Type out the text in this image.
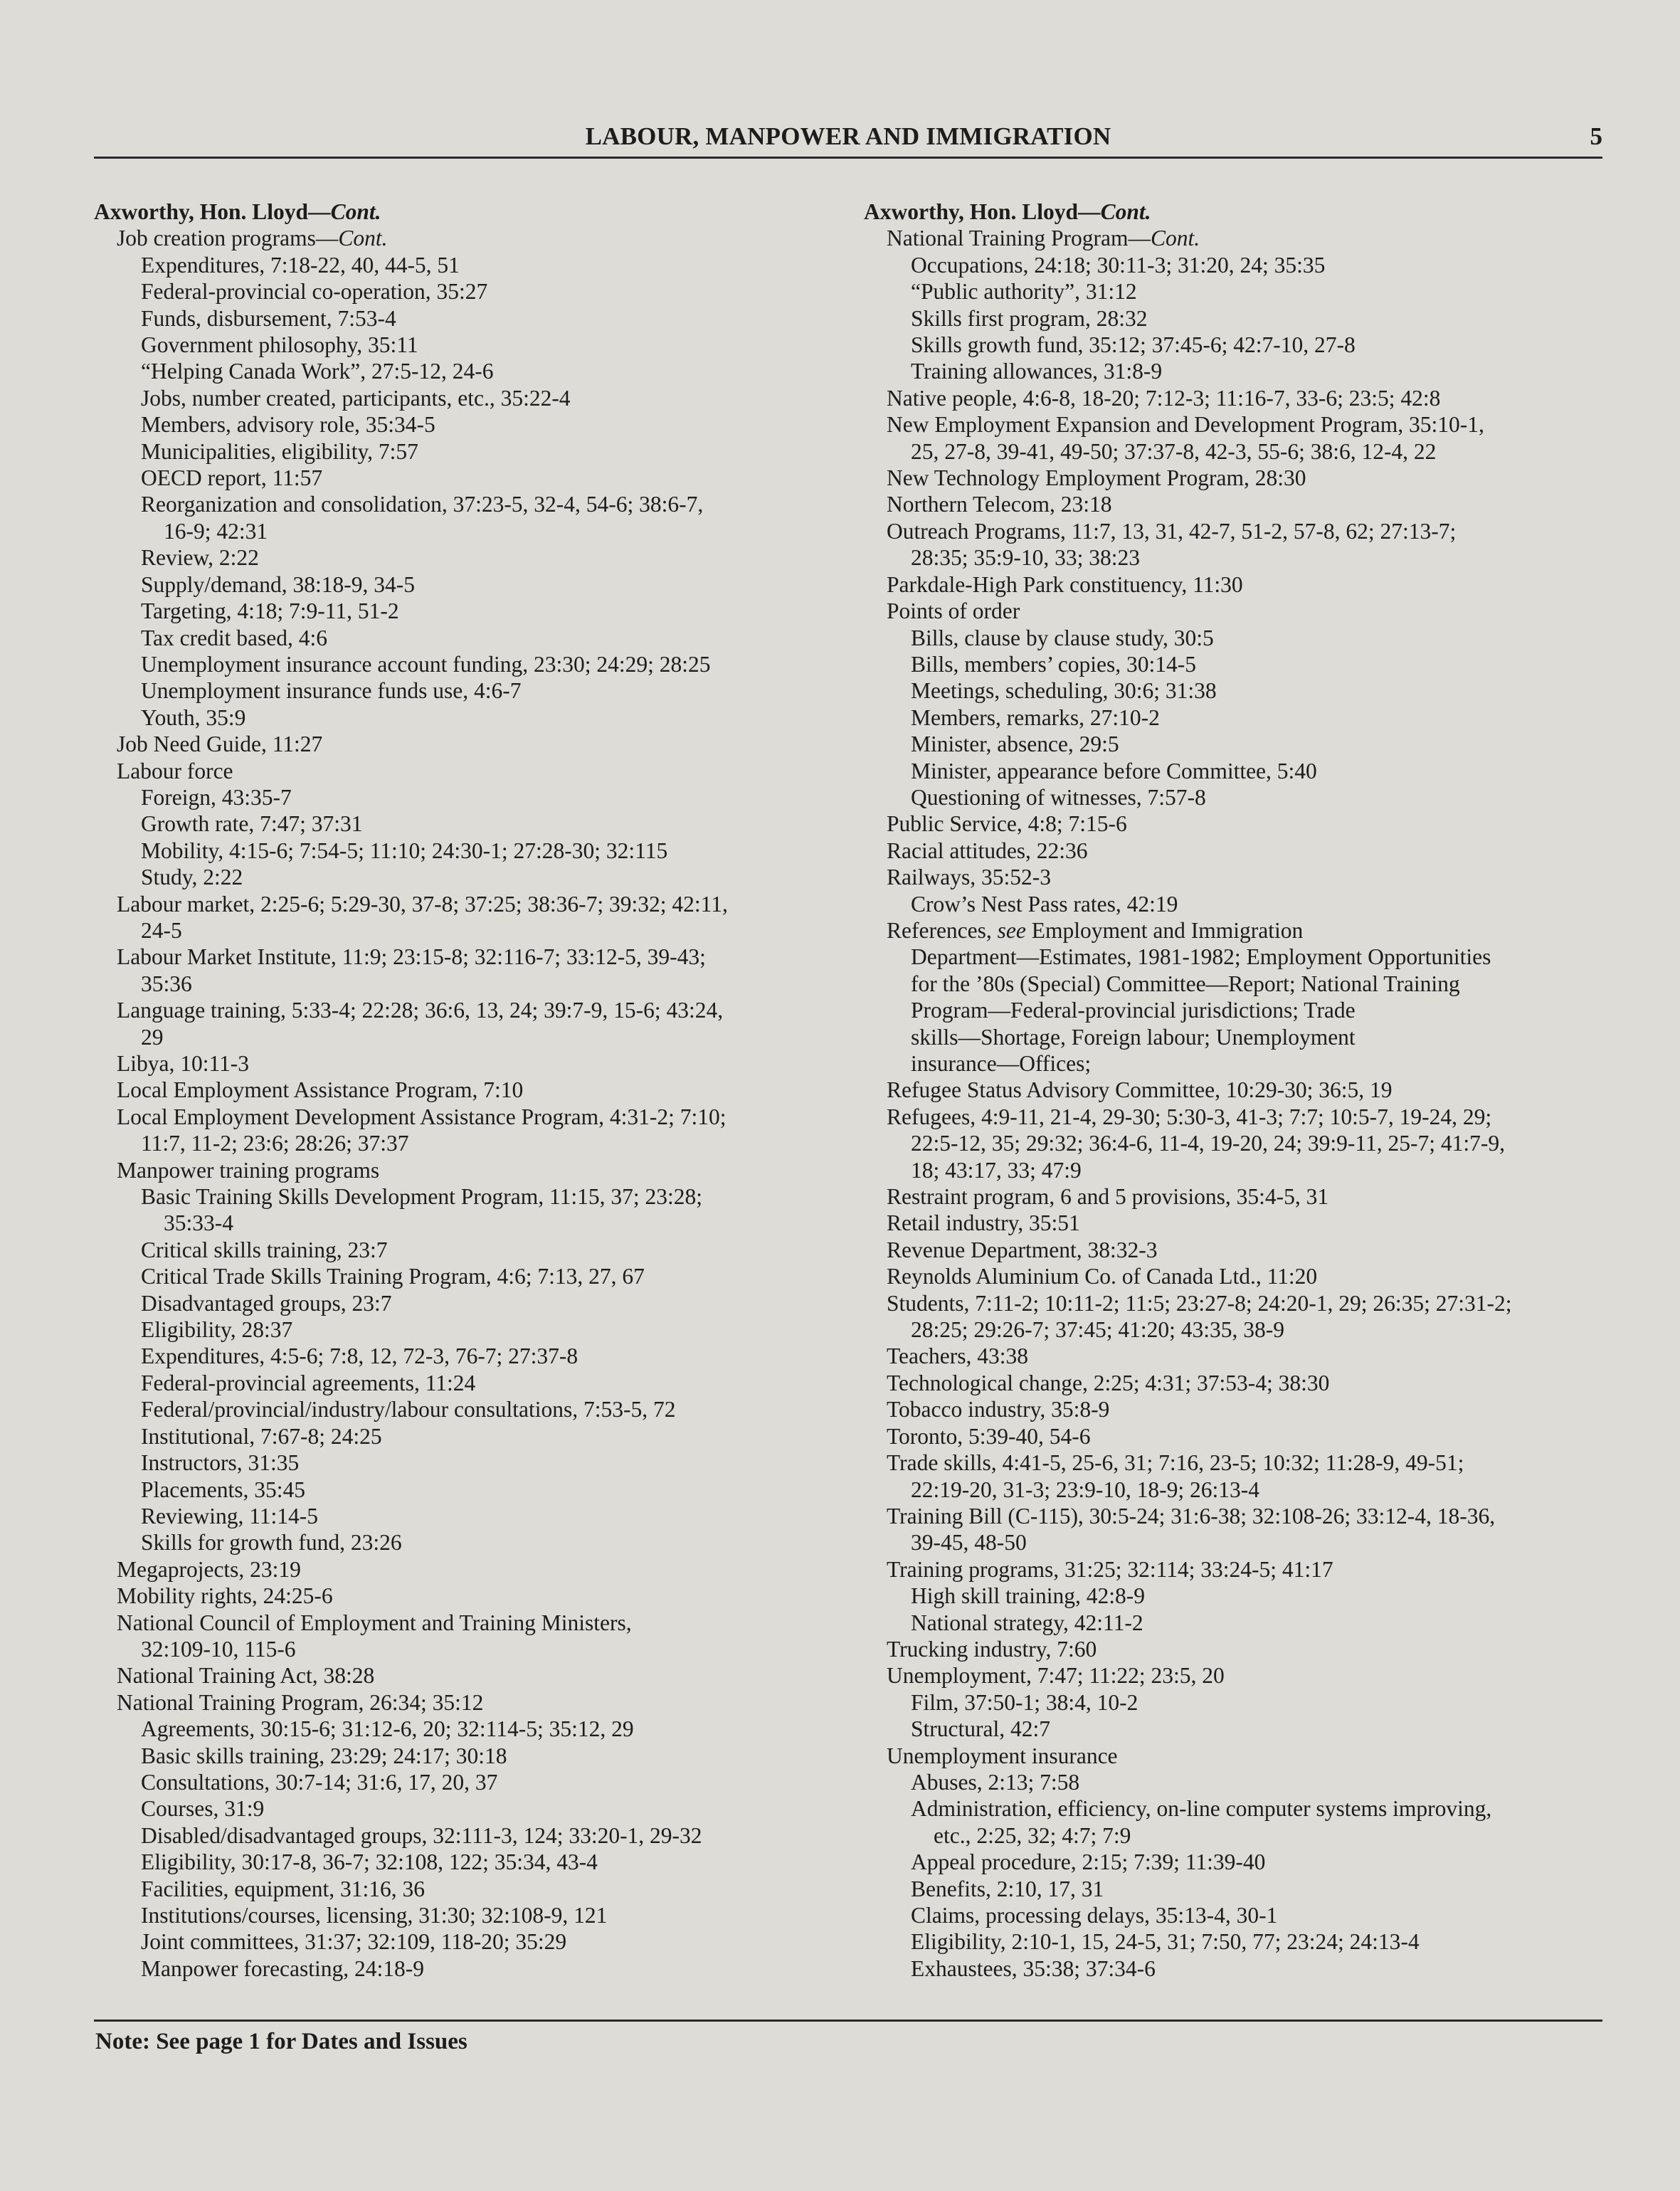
LABOUR, MANPOWER AND IMMIGRATION	5
Axworthy, Hon. Lloyd—Cont.
Job creation programs—Cont.
Expenditures, 7:18-22, 40, 44-5, 51
Federal-provincial co-operation, 35:27
Funds, disbursement, 7:53-4
Government philosophy, 35:11
“Helping Canada Work”, 27:5-12, 24-6
Jobs, number created, participants, etc., 35:22-4
Members, advisory role, 35:34-5
Municipalities, eligibility, 7:57
OECD report, 11:57
Reorganization and consolidation, 37:23-5, 32-4, 54-6; 38:6-7,
16-9; 42:31
Review, 2:22
Supply/demand, 38:18-9, 34-5
Targeting, 4:18; 7:9-11, 51-2
Tax credit based, 4:6
Unemployment insurance account funding, 23:30; 24:29; 28:25
Unemployment insurance funds use, 4:6-7
Youth, 35:9
Job Need Guide, 11:27
Labour force
Foreign, 43:35-7
Growth rate, 7:47; 37:31
Mobility, 4:15-6; 7:54-5; 11:10; 24:30-1; 27:28-30; 32:115
Study, 2:22
Labour market, 2:25-6; 5:29-30, 37-8; 37:25; 38:36-7; 39:32; 42:11,
24-5
Labour Market Institute, 11:9; 23:15-8; 32:116-7; 33:12-5, 39-43;
35:36
Language training, 5:33-4; 22:28; 36:6, 13, 24; 39:7-9, 15-6; 43:24,
29
Libya, 10:11-3
Local Employment Assistance Program, 7:10
Local Employment Development Assistance Program, 4:31-2; 7:10;
11:7, 11-2; 23:6; 28:26; 37:37
Manpower training programs
Basic Training Skills Development Program, 11:15, 37; 23:28;
35:33-4
Critical skills training, 23:7
Critical Trade Skills Training Program, 4:6; 7:13, 27, 67
Disadvantaged groups, 23:7
Eligibility, 28:37
Expenditures, 4:5-6; 7:8, 12, 72-3, 76-7; 27:37-8
Federal-provincial agreements, 11:24
Federal/provincial/industry/labour consultations, 7:53-5, 72
Institutional, 7:67-8; 24:25
Instructors, 31:35
Placements, 35:45
Reviewing, 11:14-5
Skills for growth fund, 23:26
Megaprojects, 23:19
Mobility rights, 24:25-6
National Council of Employment and Training Ministers,
32:109-10, 115-6
National Training Act, 38:28
National Training Program, 26:34; 35:12
Agreements, 30:15-6; 31:12-6, 20; 32:114-5; 35:12, 29
Basic skills training, 23:29; 24:17; 30:18
Consultations, 30:7-14; 31:6, 17, 20, 37
Courses, 31:9
Disabled/disadvantaged groups, 32:111-3, 124; 33:20-1, 29-32
Eligibility, 30:17-8, 36-7; 32:108, 122; 35:34, 43-4
Facilities, equipment, 31:16, 36
Institutions/courses, licensing, 31:30; 32:108-9, 121
Joint committees, 31:37; 32:109, 118-20; 35:29
Manpower forecasting, 24:18-9
Axworthy, Hon. Lloyd—Cont.
National Training Program—Cont.
Occupations, 24:18; 30:11-3; 31:20, 24; 35:35
“Public authority”, 31:12
Skills first program, 28:32
Skills growth fund, 35:12; 37:45-6; 42:7-10, 27-8
Training allowances, 31:8-9
Native people, 4:6-8, 18-20; 7:12-3; 11:16-7, 33-6; 23:5; 42:8
New Employment Expansion and Development Program, 35:10-1,
25, 27-8, 39-41, 49-50; 37:37-8, 42-3, 55-6; 38:6, 12-4, 22
New Technology Employment Program, 28:30
Northern Telecom, 23:18
Outreach Programs, 11:7, 13, 31, 42-7, 51-2, 57-8, 62; 27:13-7;
28:35; 35:9-10, 33; 38:23
Parkdale-High Park constituency, 11:30
Points of order
Bills, clause by clause study, 30:5
Bills, members’ copies, 30:14-5
Meetings, scheduling, 30:6; 31:38
Members, remarks, 27:10-2
Minister, absence, 29:5
Minister, appearance before Committee, 5:40
Questioning of witnesses, 7:57-8
Public Service, 4:8; 7:15-6
Racial attitudes, 22:36
Railways, 35:52-3
Crow’s Nest Pass rates, 42:19
References, see Employment and Immigration
Department—Estimates, 1981-1982; Employment Opportunities
for the ’80s (Special) Committee—Report; National Training
Program—Federal-provincial jurisdictions; Trade
skills—Shortage, Foreign labour; Unemployment
insurance—Offices;
Refugee Status Advisory Committee, 10:29-30; 36:5, 19
Refugees, 4:9-11, 21-4, 29-30; 5:30-3, 41-3; 7:7; 10:5-7, 19-24, 29;
22:5-12, 35; 29:32; 36:4-6, 11-4, 19-20, 24; 39:9-11, 25-7; 41:7-9,
18; 43:17, 33; 47:9
Restraint program, 6 and 5 provisions, 35:4-5, 31
Retail industry, 35:51
Revenue Department, 38:32-3
Reynolds Aluminium Co. of Canada Ltd., 11:20
Students, 7:11-2; 10:11-2; 11:5; 23:27-8; 24:20-1, 29; 26:35; 27:31-2;
28:25; 29:26-7; 37:45; 41:20; 43:35, 38-9
Teachers, 43:38
Technological change, 2:25; 4:31; 37:53-4; 38:30
Tobacco industry, 35:8-9
Toronto, 5:39-40, 54-6
Trade skills, 4:41-5, 25-6, 31; 7:16, 23-5; 10:32; 11:28-9, 49-51;
22:19-20, 31-3; 23:9-10, 18-9; 26:13-4
Training Bill (C-115), 30:5-24; 31:6-38; 32:108-26; 33:12-4, 18-36,
39-45, 48-50
Training programs, 31:25; 32:114; 33:24-5; 41:17
High skill training, 42:8-9
National strategy, 42:11-2
Trucking industry, 7:60
Unemployment, 7:47; 11:22; 23:5, 20
Film, 37:50-1; 38:4, 10-2
Structural, 42:7
Unemployment insurance
Abuses, 2:13; 7:58
Administration, efficiency, on-line computer systems improving,
etc., 2:25, 32; 4:7; 7:9
Appeal procedure, 2:15; 7:39; 11:39-40
Benefits, 2:10, 17, 31
Claims, processing delays, 35:13-4, 30-1
Eligibility, 2:10-1, 15, 24-5, 31; 7:50, 77; 23:24; 24:13-4
Exhaustees, 35:38; 37:34-6
Note: See page 1 for Dates and Issues
